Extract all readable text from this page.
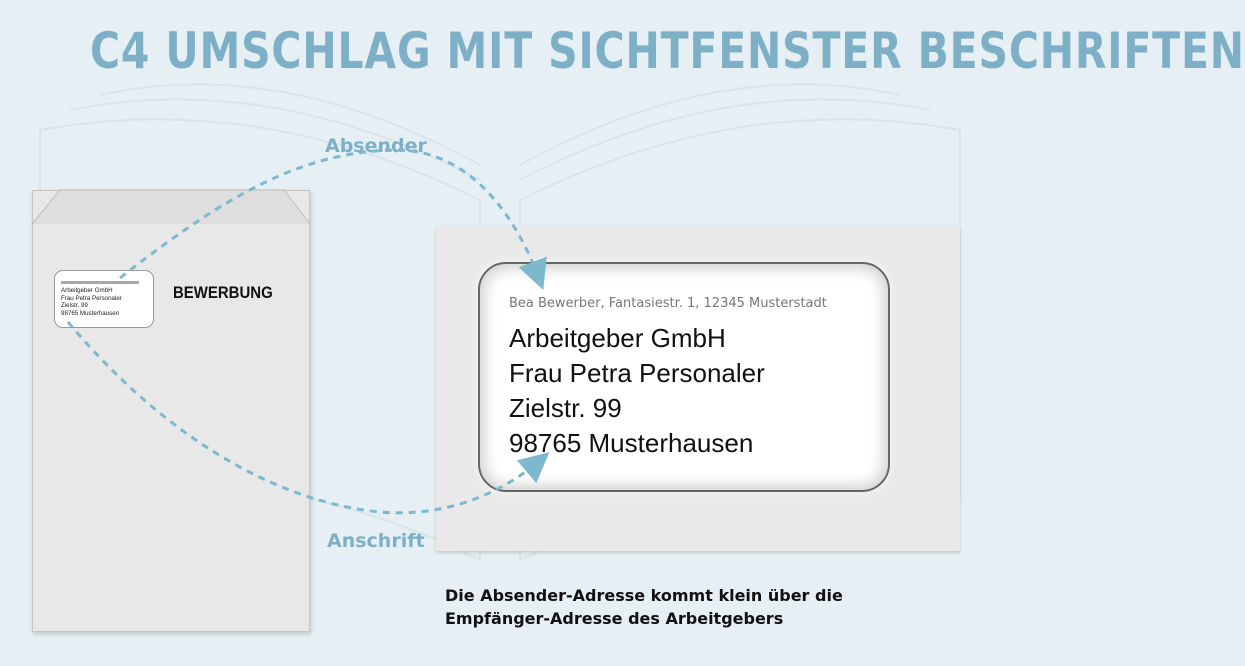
C4 UMSCHLAG MIT SICHTFENSTER BESCHRIFTEN
Absender
Anschrift
Arbeitgeber GmbH
Frau Petra Personaler
Zielstr. 99
98765 Musterhausen
BEWERBUNG
Bea Bewerber, Fantasiestr. 1, 12345 Musterstadt
Arbeitgeber GmbH
Frau Petra Personaler
Zielstr. 99
98765 Musterhausen
Die Absender-Adresse kommt klein über die
Empfänger-Adresse des Arbeitgebers
